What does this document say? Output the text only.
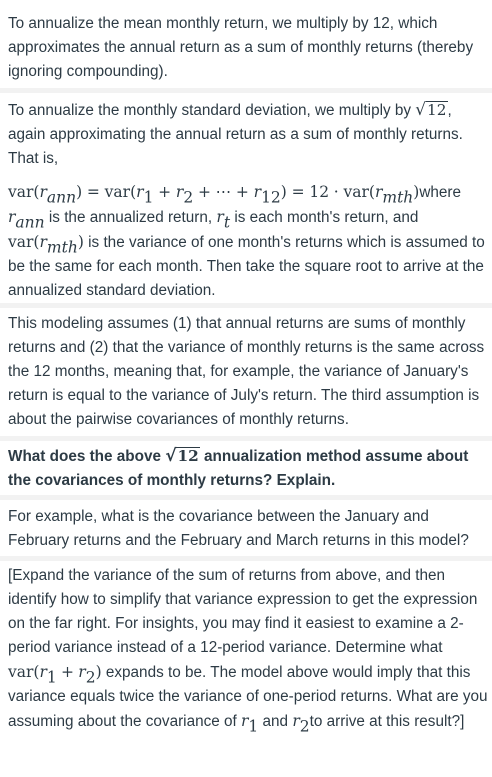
To annualize the mean monthly return, we multiply by 12, which approximates the annual return as a sum of monthly returns (thereby ignoring compounding).

To annualize the monthly standard deviation, we multiply by √12, again approximating the annual return as a sum of monthly returns. That is,

$var(r_{ann}) = var(r_1 + r_2$ + ⋯ + $r_{12}) = 12$ · $var(r_{mth})where$
$r_{ann}$ is the annualized return, $r_t$ is each month's return, and
$var(r_{mth})$ is the variance of one month's returns which is assumed to be the same for each month. Then take the square root to arrive at the annualized standard deviation.

This modeling assumes (1) that annual returns are sums of monthly returns and (2) that the variance of monthly returns is the same across the 12 months, meaning that, for example, the variance of January's return is equal to the variance of July's return. The third assumption is about the pairwise covariances of monthly returns.

What does the above √12 annualization method assume about the covariances of monthly returns? Explain.

For example, what is the covariance between the January and February returns and the February and March returns in this model?

[Expand the variance of the sum of returns from above, and then identify how to simplify that variance expression to get the expression on the far right. For insights, you may find it easiest to examine a 2-period variance instead of a 12-period variance. Determine what $var(r_1 + r_2)$ expands to be. The model above would imply that this variance equals twice the variance of one-period returns. What are you assuming about the covariance of $r_1$ and $r_2to$ arrive at this result?]
